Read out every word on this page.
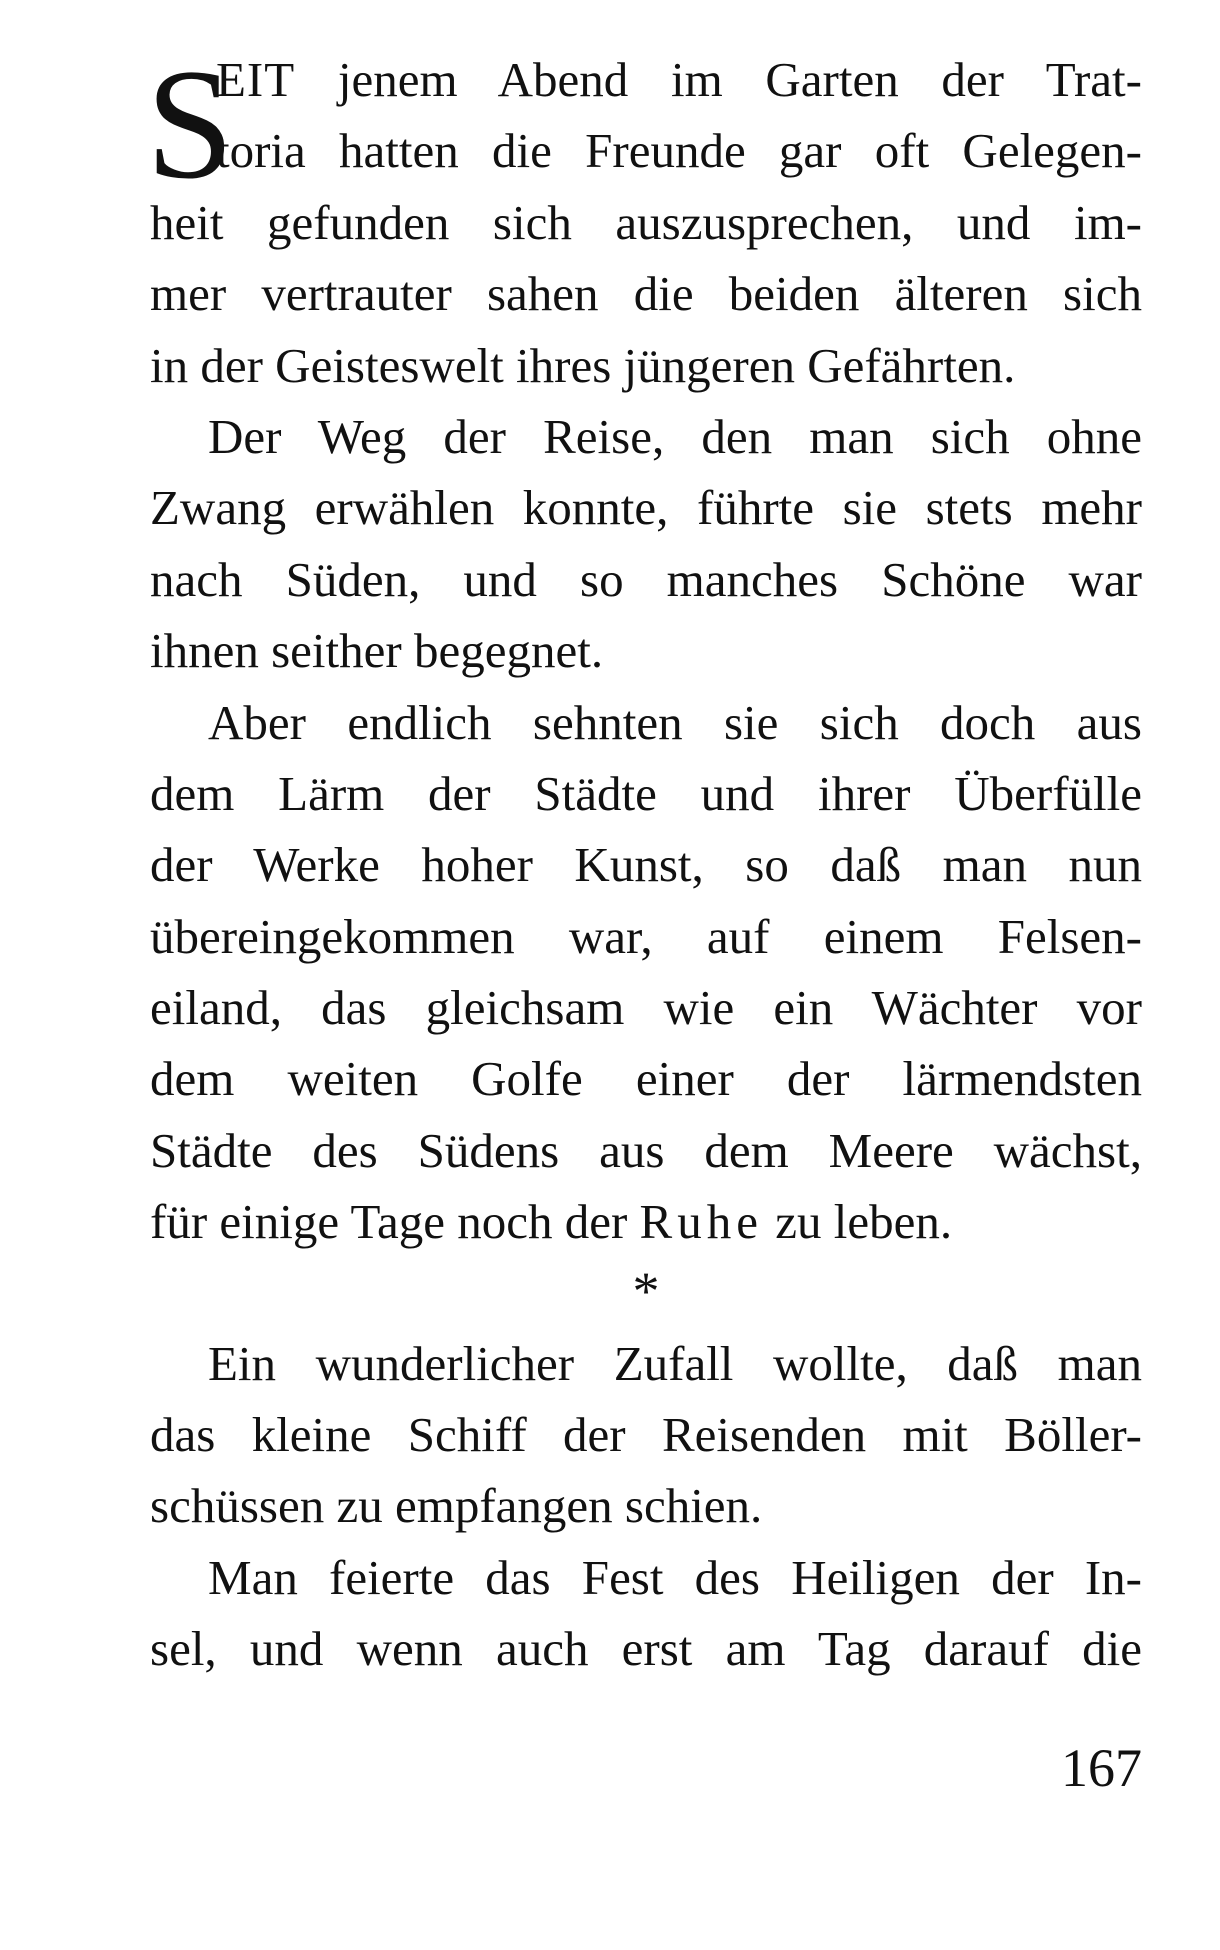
S
EIT jenem Abend im Garten der Trat-
toria hatten die Freunde gar oft Gelegen-
heit gefunden sich auszusprechen, und im-
mer vertrauter sahen die beiden älteren sich
in der Geisteswelt ihres jüngeren Gefährten.
Der Weg der Reise, den man sich ohne
Zwang erwählen konnte, führte sie stets mehr
nach Süden, und so manches Schöne war
ihnen seither begegnet.
Aber endlich sehnten sie sich doch aus
dem Lärm der Städte und ihrer Überfülle
der Werke hoher Kunst, so daß man nun
übereingekommen war, auf einem Felsen-
eiland, das gleichsam wie ein Wächter vor
dem weiten Golfe einer der lärmendsten
Städte des Südens aus dem Meere wächst,
für einige Tage noch der Ruhe zu leben.
*
Ein wunderlicher Zufall wollte, daß man
das kleine Schiff der Reisenden mit Böller-
schüssen zu empfangen schien.
Man feierte das Fest des Heiligen der In-
sel, und wenn auch erst am Tag darauf die
167
